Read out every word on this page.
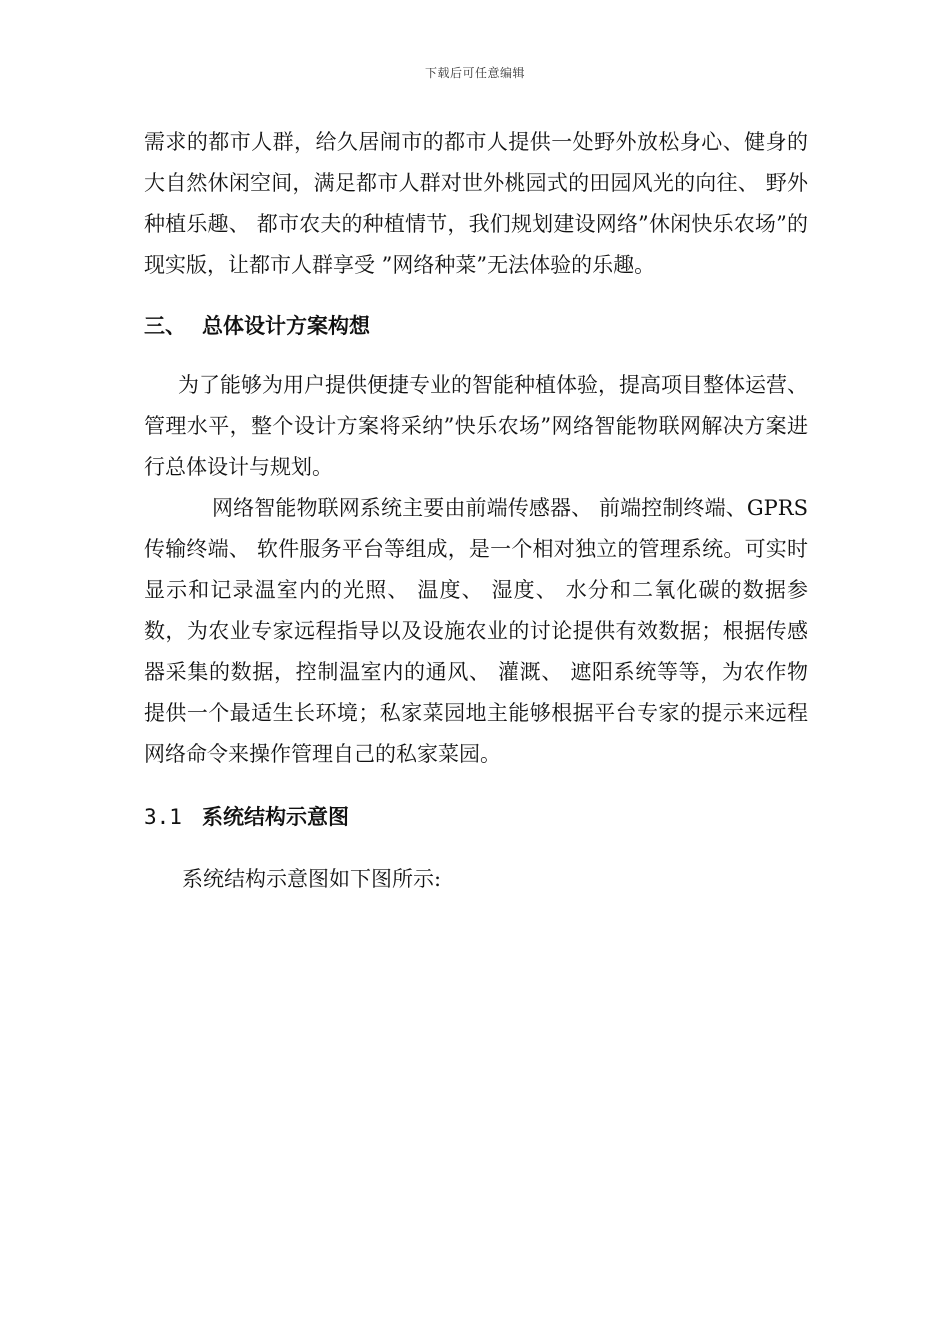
下载后可任意编辑

需求的都市人群，给久居闹市的都市人提供一处野外放松身心、健身的大自然休闲空间，满足都市人群对世外桃园式的田园风光的向往、 野外种植乐趣、 都市农夫的种植情节，我们规划建设网络”休闲快乐农场”的现实版，让都市人群享受 ”网络种菜”无法体验的乐趣。

三、 总体设计方案构想

为了能够为用户提供便捷专业的智能种植体验，提高项目整体运营、 管理水平，整个设计方案将采纳”快乐农场”网络智能物联网解决方案进行总体设计与规划。

网络智能物联网系统主要由前端传感器、 前端控制终端、GPRS 传输终端、 软件服务平台等组成，是一个相对独立的管理系统。可实时显示和记录温室内的光照、 温度、 湿度、 水分和二氧化碳的数据参数，为农业专家远程指导以及设施农业的讨论提供有效数据；根据传感器采集的数据，控制温室内的通风、 灌溉、 遮阳系统等等，为农作物提供一个最适生长环境；私家菜园地主能够根据平台专家的提示来远程网络命令来操作管理自己的私家菜园。

3.1 系统结构示意图

系统结构示意图如下图所示:
